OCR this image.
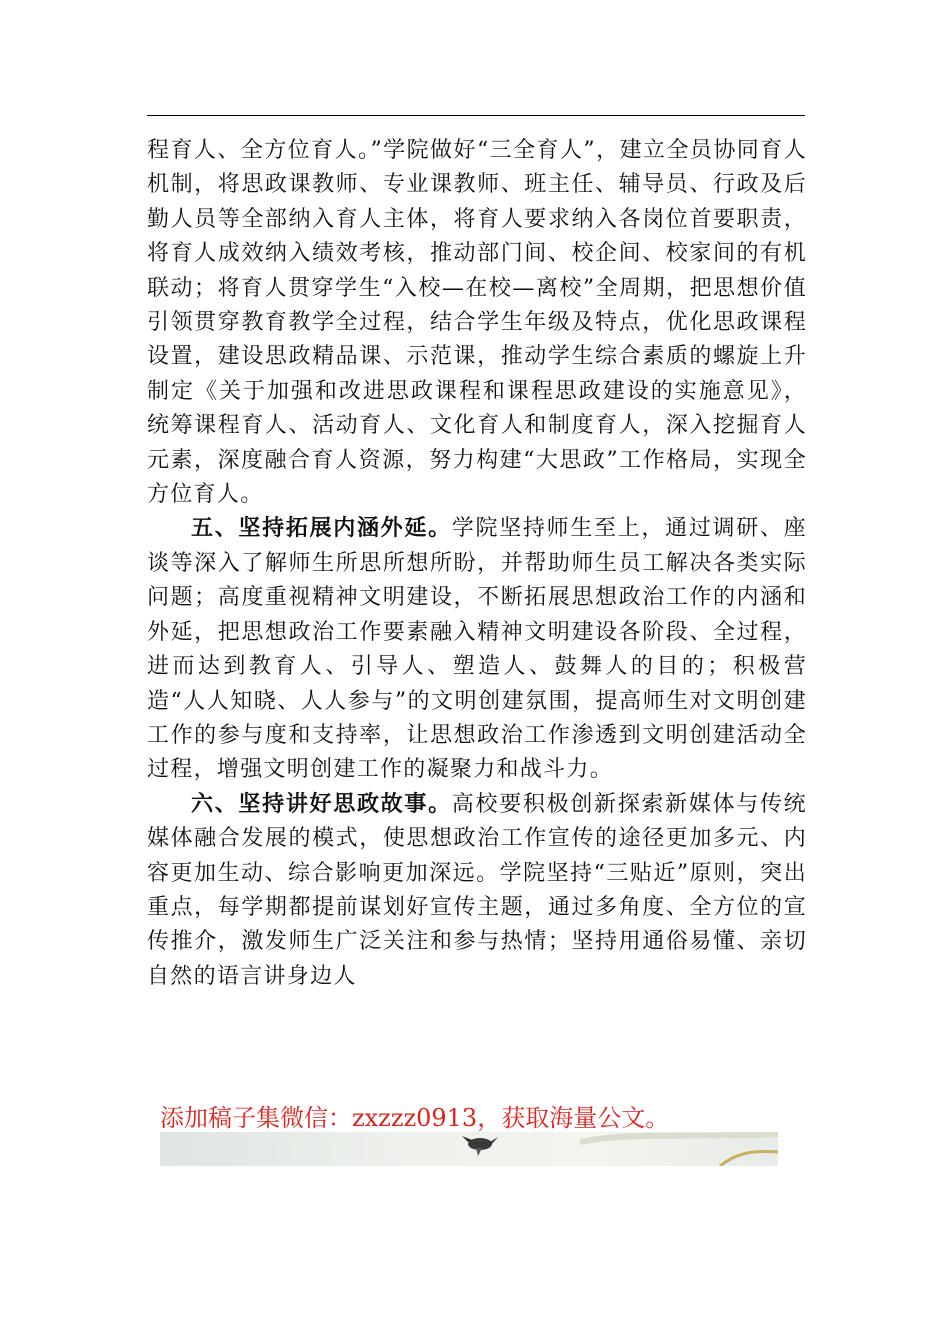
程育人、全方位育人。”学院做好“三全育人”，建立全员协同育人机制，将思政课教师、专业课教师、班主任、辅导员、行政及后勤人员等全部纳入育人主体，将育人要求纳入各岗位首要职责，将育人成效纳入绩效考核，推动部门间、校企间、校家间的有机联动；将育人贯穿学生“入校—在校—离校”全周期，把思想价值引领贯穿教育教学全过程，结合学生年级及特点，优化思政课程设置，建设思政精品课、示范课，推动学生综合素质的螺旋上升制定《关于加强和改进思政课程和课程思政建设的实施意见》，统筹课程育人、活动育人、文化育人和制度育人，深入挖掘育人元素，深度融合育人资源，努力构建“大思政”工作格局，实现全方位育人。

五、坚持拓展内涵外延。学院坚持师生至上，通过调研、座谈等深入了解师生所思所想所盼，并帮助师生员工解决各类实际问题；高度重视精神文明建设，不断拓展思想政治工作的内涵和外延，把思想政治工作要素融入精神文明建设各阶段、全过程，进而达到教育人、引导人、塑造人、鼓舞人的目的；积极营造“人人知晓、人人参与”的文明创建氛围，提高师生对文明创建工作的参与度和支持率，让思想政治工作渗透到文明创建活动全过程，增强文明创建工作的凝聚力和战斗力。

六、坚持讲好思政故事。高校要积极创新探索新媒体与传统媒体融合发展的模式，使思想政治工作宣传的途径更加多元、内容更加生动、综合影响更加深远。学院坚持“三贴近”原则，突出重点，每学期都提前谋划好宣传主题，通过多角度、全方位的宣传推介，激发师生广泛关注和参与热情；坚持用通俗易懂、亲切自然的语言讲身边人

添加稿子集微信：zxzzz0913，获取海量公文。
